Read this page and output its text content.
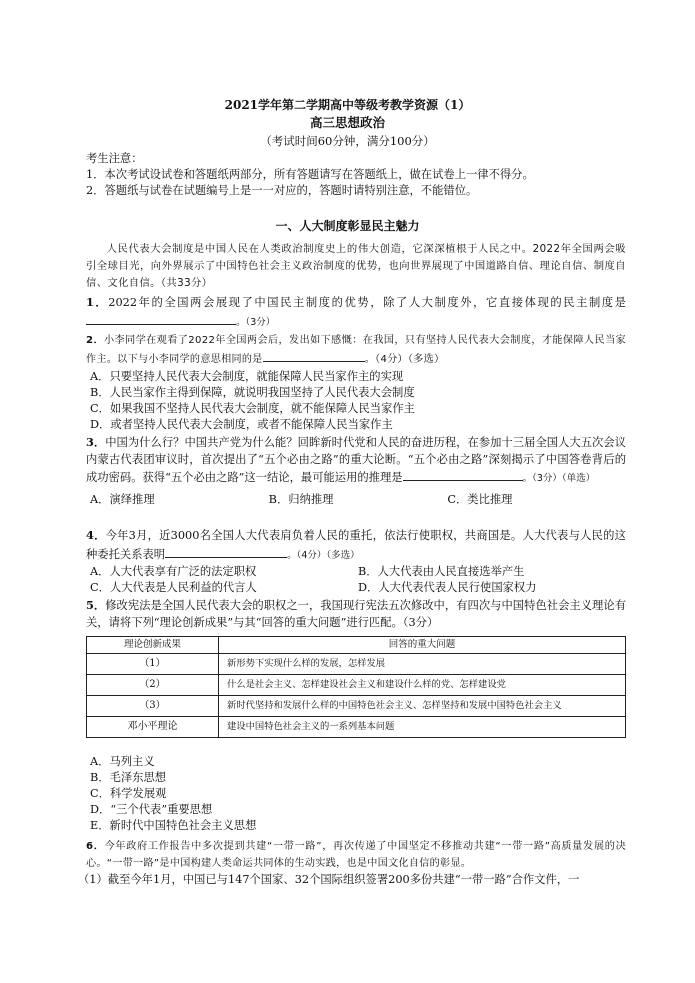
2021学年第二学期高中等级考教学资源（1）
高三思想政治
（考试时间60分钟，满分100分）
考生注意：
1．本次考试设试卷和答题纸两部分，所有答题请写在答题纸上，做在试卷上一律不得分。
2．答题纸与试卷在试题编号上是一一对应的，答题时请特别注意，不能错位。
一、人大制度彰显民主魅力
人民代表大会制度是中国人民在人类政治制度史上的伟大创造，它深深植根于人民之中。2022年全国两会吸引全球目光，向外界展示了中国特色社会主义政治制度的优势，也向世界展现了中国道路自信、理论自信、制度自信、文化自信。（共33分）
1．2022年的全国两会展现了中国民主制度的优势，除了人大制度外，它直接体现的民主制度是。（3分）
2．小李同学在观看了2022年全国两会后，发出如下感慨：在我国，只有坚持人民代表大会制度，才能保障人民当家作主。以下与小李同学的意思相同的是	。（4分）（多选）
A．只要坚持人民代表大会制度，就能保障人民当家作主的实现
B．人民当家作主得到保障，就说明我国坚持了人民代表大会制度
C．如果我国不坚持人民代表大会制度，就不能保障人民当家作主
D．或者坚持人民代表大会制度，或者不能保障人民当家作主
3．中国为什么行？中国共产党为什么能？回眸新时代党和人民的奋进历程，在参加十三届全国人大五次会议内蒙古代表团审议时，首次提出了“五个必由之路”的重大论断。“五个必由之路”深刻揭示了中国答卷背后的成功密码。获得“五个必由之路”这一结论，最可能运用的推理是	。（3分）（单选）
A．演绎推理	B．归纳推理	C．类比推理
4．今年3月，近3000名全国人大代表肩负着人民的重托，依法行使职权，共商国是。人大代表与人民的这种委托关系表明	。（4分）（多选）
A．人大代表享有广泛的法定职权	B．人大代表由人民直接选举产生
C．人大代表是人民利益的代言人	D．人大代表代表人民行使国家权力
5．修改宪法是全国人民代表大会的职权之一，我国现行宪法五次修改中，有四次与中国特色社会主义理论有关，请将下列“理论创新成果”与其“回答的重大问题”进行匹配。（3分）
理论创新成果	回答的重大问题
（1）	新形势下实现什么样的发展，怎样发展
（2）	什么是社会主义、怎样建设社会主义和建设什么样的党、怎样建设党
（3）	新时代坚持和发展什么样的中国特色社会主义、怎样坚持和发展中国特色社会主义
邓小平理论	建设中国特色社会主义的一系列基本问题
A．马列主义
B．毛泽东思想
C．科学发展观
D．“三个代表”重要思想
E．新时代中国特色社会主义思想
6．今年政府工作报告中多次提到共建“一带一路”，再次传递了中国坚定不移推动共建“一带一路”高质量发展的决心。“一带一路”是中国构建人类命运共同体的生动实践，也是中国文化自信的彰显。
（1）截至今年1月，中国已与147个国家、32个国际组织签署200多份共建“一带一路”合作文件，一
